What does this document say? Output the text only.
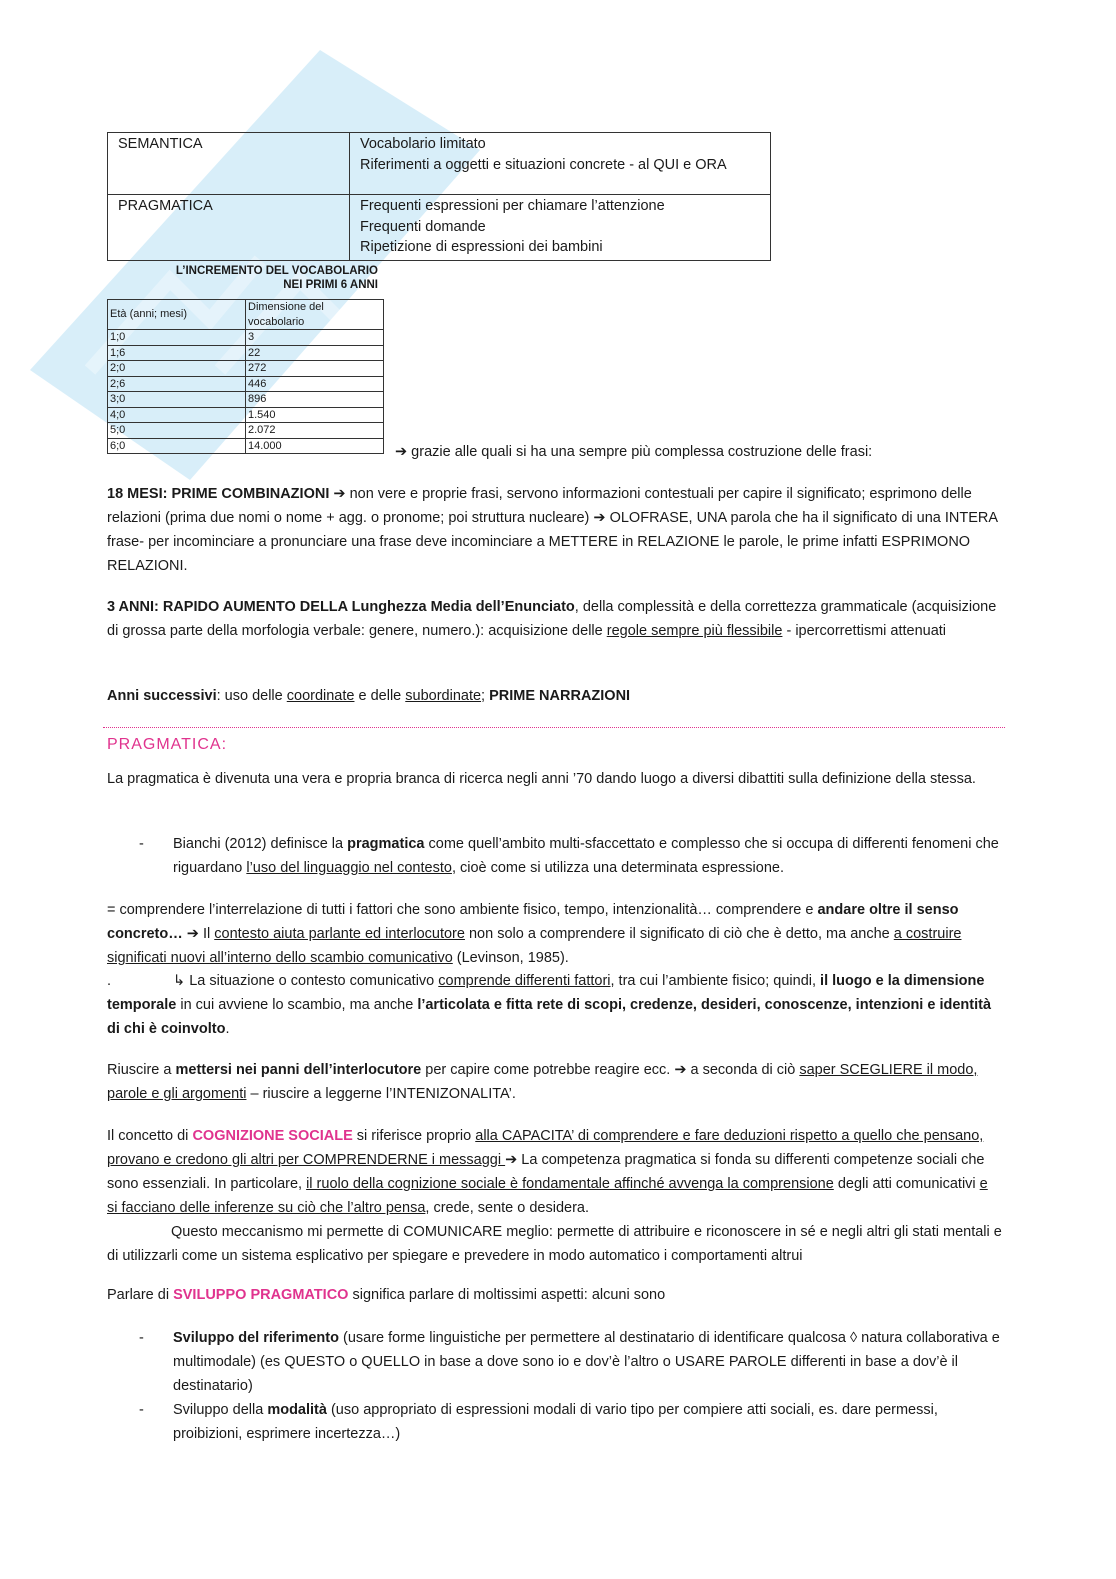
SEMANTICA	Vocabolario limitato
Riferimenti a oggetti e situazioni concrete - al QUI e ORA

PRAGMATICA	Frequenti espressioni per chiamare l’attenzione
Frequenti domande
Ripetizione di espressioni dei bambini
L’INCREMENTO DEL VOCABOLARIO
NEI PRIMI 6 ANNI
Età (anni; mesi)	Dimensione del vocabolario
1;0	3
1;6	22
2;0	272
2;6	446
3;0	896
4;0	1.540
5;0	2.072
6;0	14.000	➔ grazie alle quali si ha una sempre più complessa costruzione delle frasi:
18 MESI: PRIME COMBINAZIONI ➔ non vere e proprie frasi, servono informazioni contestuali per capire il significato; esprimono delle relazioni (prima due nomi o nome + agg. o pronome; poi struttura nucleare) ➔ OLOFRASE, UNA parola che ha il significato di una INTERA frase- per incominciare a pronunciare una frase deve incominciare a METTERE in RELAZIONE le parole, le prime infatti ESPRIMONO RELAZIONI.
3 ANNI: RAPIDO AUMENTO DELLA Lunghezza Media dell’Enunciato, della complessità e della correttezza grammaticale (acquisizione di grossa parte della morfologia verbale: genere, numero.): acquisizione delle regole sempre più flessibile - ipercorrettismi attenuati
Anni successivi: uso delle coordinate e delle subordinate; PRIME NARRAZIONI
PRAGMATICA:
La pragmatica è divenuta una vera e propria branca di ricerca negli anni ’70 dando luogo a diversi dibattiti sulla definizione della stessa.
- Bianchi (2012) definisce la pragmatica come quell’ambito multi-sfaccettato e complesso che si occupa di differenti fenomeni che riguardano l’uso del linguaggio nel contesto, cioè come si utilizza una determinata espressione.
= comprendere l’interrelazione di tutti i fattori che sono ambiente fisico, tempo, intenzionalità… comprendere e andare oltre il senso concreto… ➔ Il contesto aiuta parlante ed interlocutore non solo a comprendere il significato di ciò che è detto, ma anche a costruire significati nuovi all’interno dello scambio comunicativo (Levinson, 1985).
.	↳ La situazione o contesto comunicativo comprende differenti fattori, tra cui l’ambiente fisico; quindi, il luogo e la dimensione temporale in cui avviene lo scambio, ma anche l’articolata e fitta rete di scopi, credenze, desideri, conoscenze, intenzioni e identità di chi è coinvolto.
Riuscire a mettersi nei panni dell’interlocutore per capire come potrebbe reagire ecc. ➔ a seconda di ciò saper SCEGLIERE il modo, parole e gli argomenti – riuscire a leggerne l’INTENIZONALITA’.
Il concetto di COGNIZIONE SOCIALE si riferisce proprio alla CAPACITA’ di comprendere e fare deduzioni rispetto a quello che pensano, provano e credono gli altri per COMPRENDERNE i messaggi ➔ La competenza pragmatica si fonda su differenti competenze sociali che sono essenziali. In particolare, il ruolo della cognizione sociale è fondamentale affinché avvenga la comprensione degli atti comunicativi e si facciano delle inferenze su ciò che l’altro pensa, crede, sente o desidera.
Questo meccanismo mi permette di COMUNICARE meglio: permette di attribuire e riconoscere in sé e negli altri gli stati mentali e di utilizzarli come un sistema esplicativo per spiegare e prevedere in modo automatico i comportamenti altrui
Parlare di SVILUPPO PRAGMATICO significa parlare di moltissimi aspetti: alcuni sono
- Sviluppo del riferimento (usare forme linguistiche per permettere al destinatario di identificare qualcosa ◊ natura collaborativa e multimodale) (es QUESTO o QUELLO in base a dove sono io e dov’è l’altro o USARE PAROLE differenti in base a dov’è il destinatario)
- Sviluppo della modalità (uso appropriato di espressioni modali di vario tipo per compiere atti sociali, es. dare permessi, proibizioni, esprimere incertezza…)
